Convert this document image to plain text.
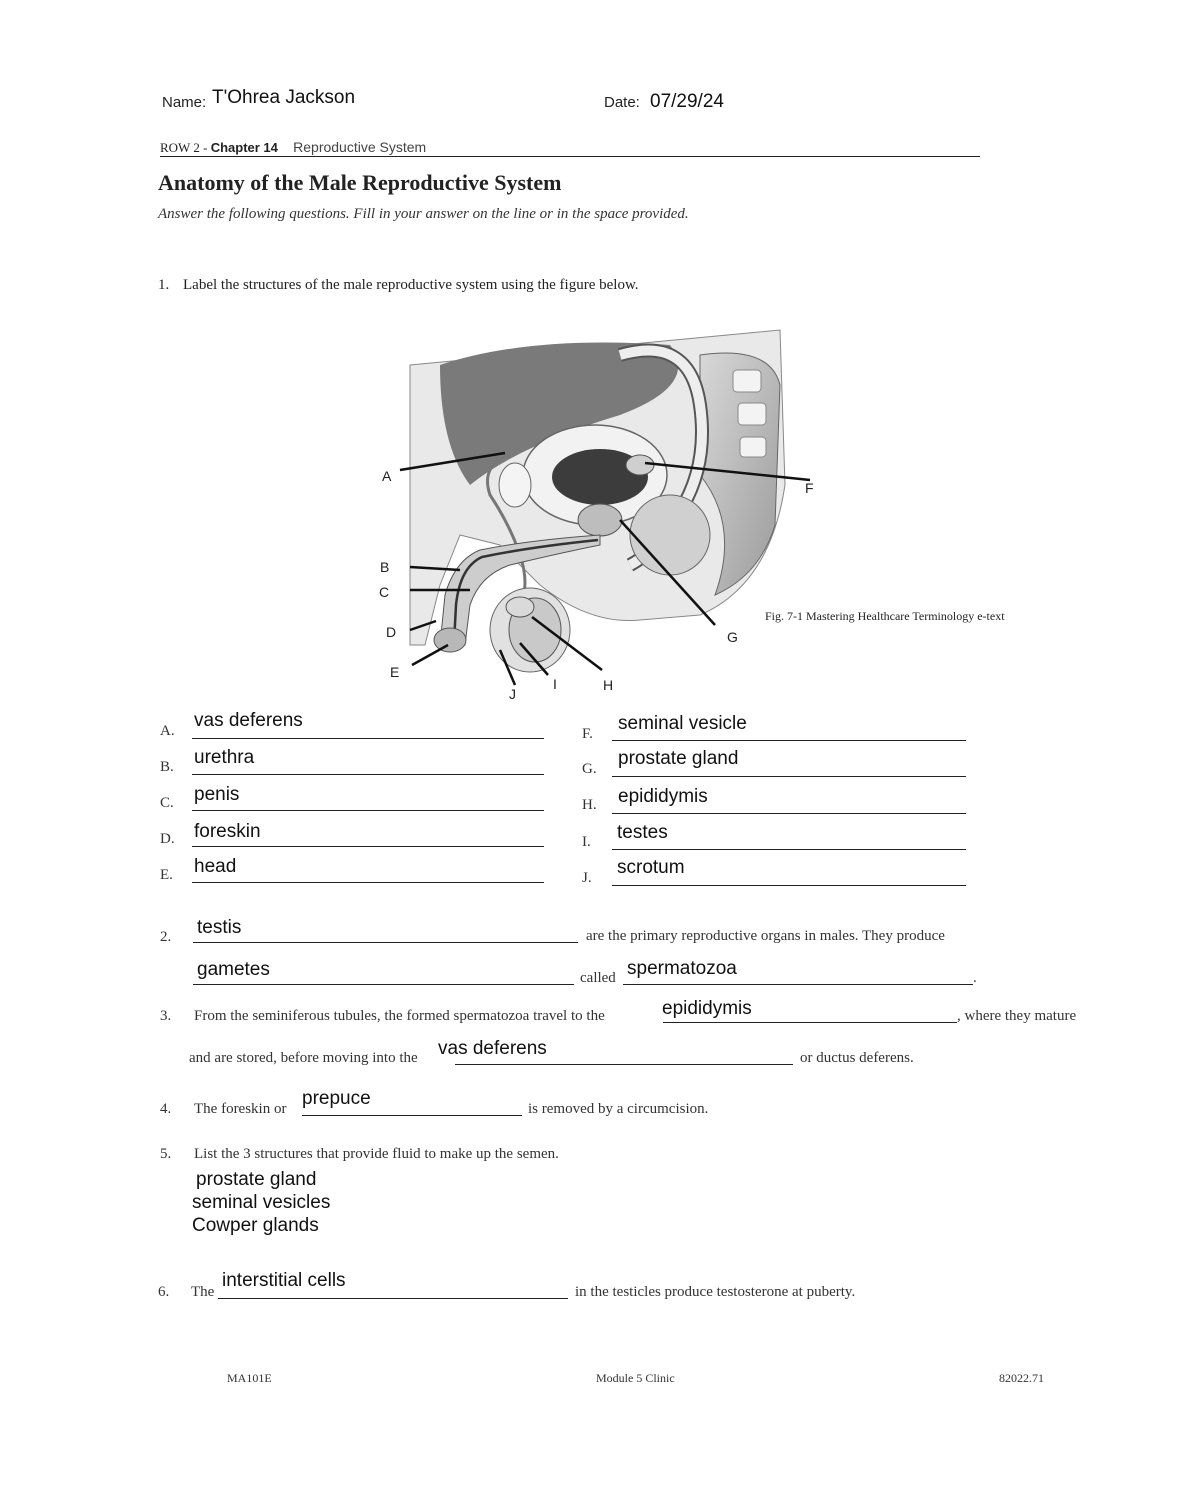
Name: T'Ohrea Jackson	Date: 07/29/24
ROW 2 - Chapter 14 Reproductive System
Anatomy of the Male Reproductive System
Answer the following questions. Fill in your answer on the line or in the space provided.
1. Label the structures of the male reproductive system using the figure below.
A
B
C
D
E
F
G
H
I
J
Fig. 7-1 Mastering Healthcare Terminology e-text
A. vas deferens
B. urethra
C. penis
D. foreskin
E. head
F. seminal vesicle
G. prostate gland
H. epididymis
I. testes
J. scrotum
2. testis	are the primary reproductive organs in males. They produce
gametes	called spermatozoa	.
3. From the seminiferous tubules, the formed spermatozoa travel to the	epididymis	, where they mature
and are stored, before moving into the vas deferens	or ductus deferens.
4. The foreskin or prepuce	is removed by a circumcision.
5. List the 3 structures that provide fluid to make up the semen.
prostate gland
seminal vesicles
Cowper glands
6. The
interstitial cells
in the testicles produce testosterone at puberty.
MA101E	Module 5 Clinic	82022.71
